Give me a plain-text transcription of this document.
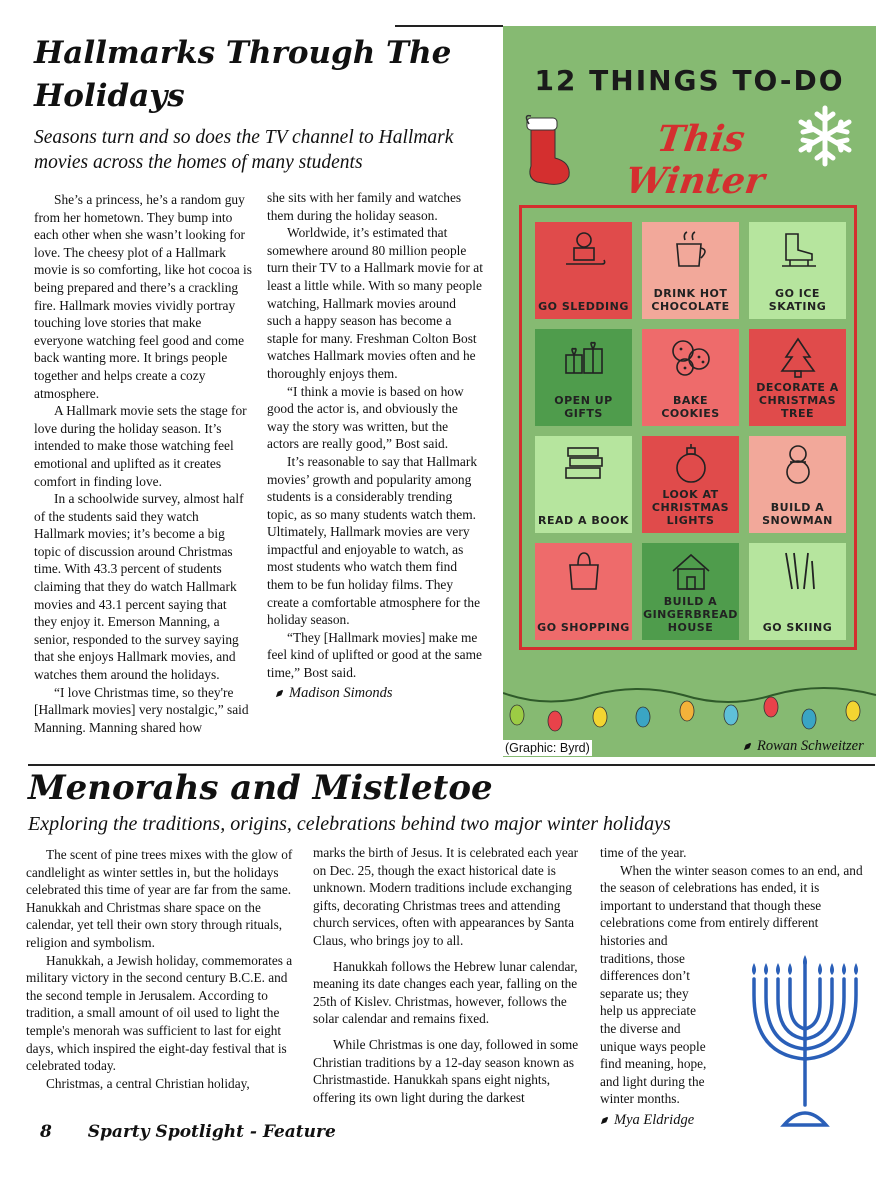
Hallmarks Through The Holidays
Seasons turn and so does the TV channel to Hallmark movies across the homes of many students

She’s a princess, he’s a random guy from her hometown. They bump into each other when she wasn’t looking for love. The cheesy plot of a Hallmark movie is so comforting, like hot cocoa is being prepared and there’s a crackling fire. Hallmark movies vividly portray touching love stories that make everyone watching feel good and come back wanting more. It brings people together and helps create a cozy atmosphere.

A Hallmark movie sets the stage for love during the holiday season. It’s intended to make those watching feel emotional and uplifted as it creates comfort in finding love.

In a schoolwide survey, almost half of the students said they watch Hallmark movies; it’s become a big topic of discussion around Christmas time. With 43.3 percent of students claiming that they do watch Hallmark movies and 43.1 percent saying that they enjoy it. Emerson Manning, a senior, responded to the survey saying that she enjoys Hallmark movies, and watches them around the holidays.

“I love Christmas time, so they're [Hallmark movies] very nostalgic,” said Manning. Manning shared how

she sits with her family and watches them during the holiday season.

Worldwide, it’s estimated that somewhere around 80 million people turn their TV to a Hallmark movie for at least a little while. With so many people watching, Hallmark movies around such a happy season has become a staple for many. Freshman Colton Bost watches Hallmark movies often and he thoroughly enjoys them.

“I think a movie is based on how good the actor is, and obviously the way the story was written, but the actors are really good,” Bost said.

It’s reasonable to say that Hallmark movies’ growth and popularity among students is a considerably trending topic, as so many students watch them. Ultimately, Hallmark movies are very impactful and enjoyable to watch, as most students who watch them find them to be fun holiday films. They create a comfortable atmosphere for the holiday season.

“They [Hallmark movies] make me feel kind of uplifted or good at the same time,” Bost said.

Madison Simonds
12 THINGS TO-DO
This Winter
GO SLEDDING
DRINK HOT CHOCOLATE
GO ICE SKATING
OPEN UP GIFTS
BAKE COOKIES
DECORATE A CHRISTMAS TREE
READ A BOOK
LOOK AT CHRISTMAS LIGHTS
BUILD A SNOWMAN
GO SHOPPING
BUILD A GINGERBREAD HOUSE	GO SKIING
(Graphic: Byrd)	Rowan Schweitzer
Menorahs and Mistletoe
Exploring the traditions, origins, celebrations behind two major winter holidays

The scent of pine trees mixes with the glow of candlelight as winter settles in, but the holidays celebrated this time of year are far from the same. Hanukkah and Christmas share space on the calendar, yet tell their own story through rituals, religion and symbolism.

Hanukkah, a Jewish holiday, commemorates a military victory in the second century B.C.E. and the second temple in Jerusalem. According to tradition, a small amount of oil used to light the temple's menorah was sufficient to last for eight days, which inspired the eight-day festival that is celebrated today.

Christmas, a central Christian holiday,

marks the birth of Jesus. It is celebrated each year on Dec. 25, though the exact historical date is unknown. Modern traditions include exchanging gifts, decorating Christmas trees and attending church services, often with appearances by Santa Claus, who brings joy to all.

Hanukkah follows the Hebrew lunar calendar, meaning its date changes each year, falling on the 25th of Kislev. Christmas, however, follows the solar calendar and remains fixed.

While Christmas is one day, followed in some Christian traditions by a 12-day season known as Christmastide. Hanukkah spans eight nights, offering its own light during the darkest

time of the year.

When the winter season comes to an end, and the season of celebrations has ended, it is important to understand that though these celebrations come from entirely different

histories and
traditions, those
differences don’t
separate us; they
help us appreciate
the diverse and
unique ways people
find meaning, hope,
and light during the
winter months.
Mya Eldridge
8 Sparty Spotlight - Feature
